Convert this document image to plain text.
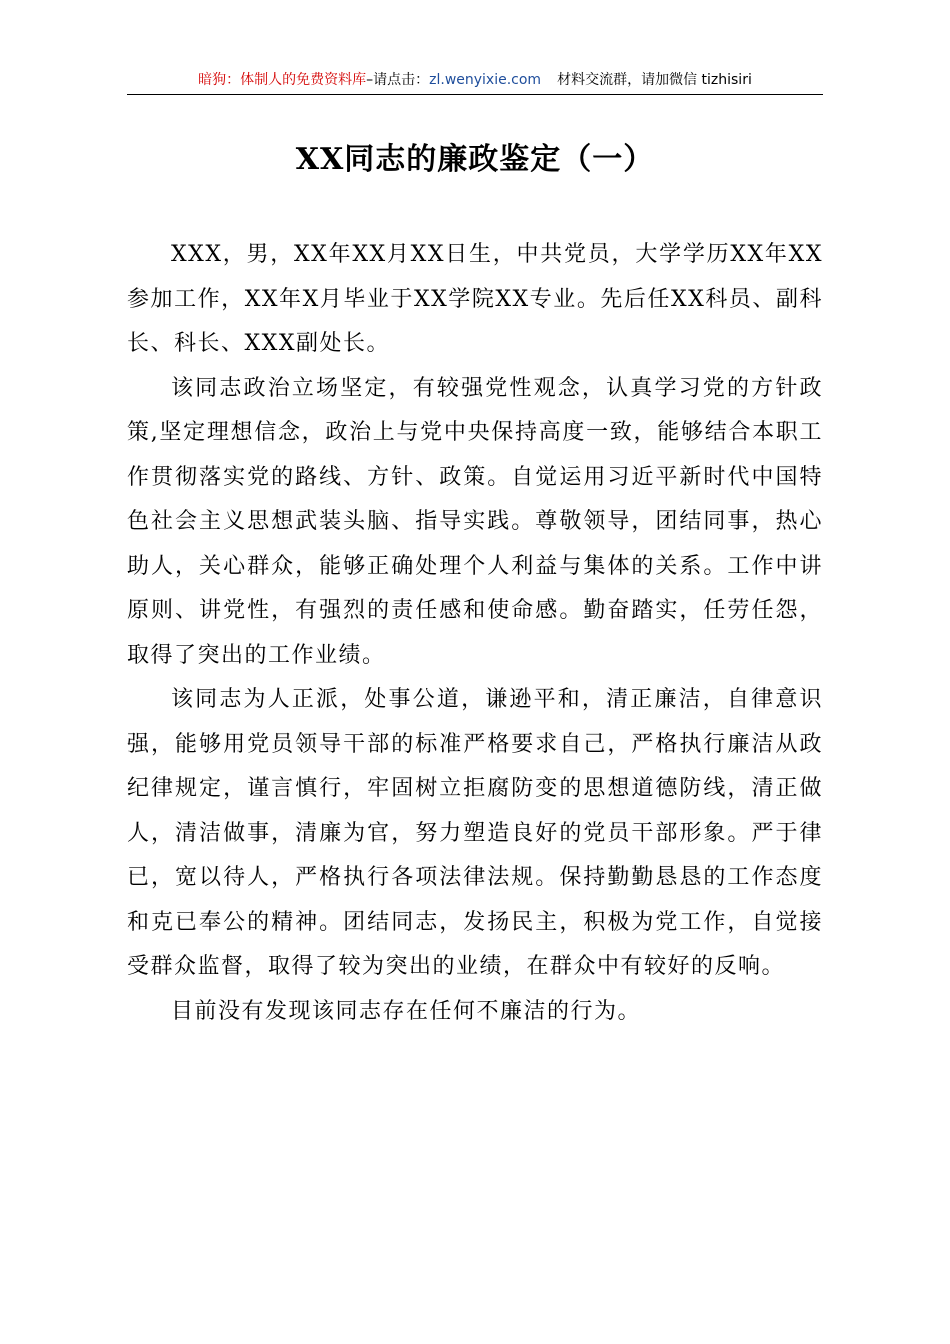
暗狗：体制人的免费资料库–请点击：zl.wenyixie.com 材料交流群，请加微信 tizhisiri
XX同志的廉政鉴定（一）

XXX，男，XX年XX月XX日生，中共党员，大学学历XX年XX参加工作，XX年X月毕业于XX学院XX专业。先后任XX科员、副科长、科长、XXX副处长。

该同志政治立场坚定，有较强党性观念，认真学习党的方针政策,坚定理想信念，政治上与党中央保持高度一致，能够结合本职工作贯彻落实党的路线、方针、政策。自觉运用习近平新时代中国特色社会主义思想武装头脑、指导实践。尊敬领导，团结同事，热心助人，关心群众，能够正确处理个人利益与集体的关系。工作中讲原则、讲党性，有强烈的责任感和使命感。勤奋踏实，任劳任怨，取得了突出的工作业绩。

该同志为人正派，处事公道，谦逊平和，清正廉洁，自律意识强，能够用党员领导干部的标准严格要求自己，严格执行廉洁从政纪律规定，谨言慎行，牢固树立拒腐防变的思想道德防线，清正做人，清洁做事，清廉为官，努力塑造良好的党员干部形象。严于律已，宽以待人，严格执行各项法律法规。保持勤勤恳恳的工作态度和克已奉公的精神。团结同志，发扬民主，积极为党工作，自觉接受群众监督，取得了较为突出的业绩，在群众中有较好的反响。

目前没有发现该同志存在任何不廉洁的行为。
